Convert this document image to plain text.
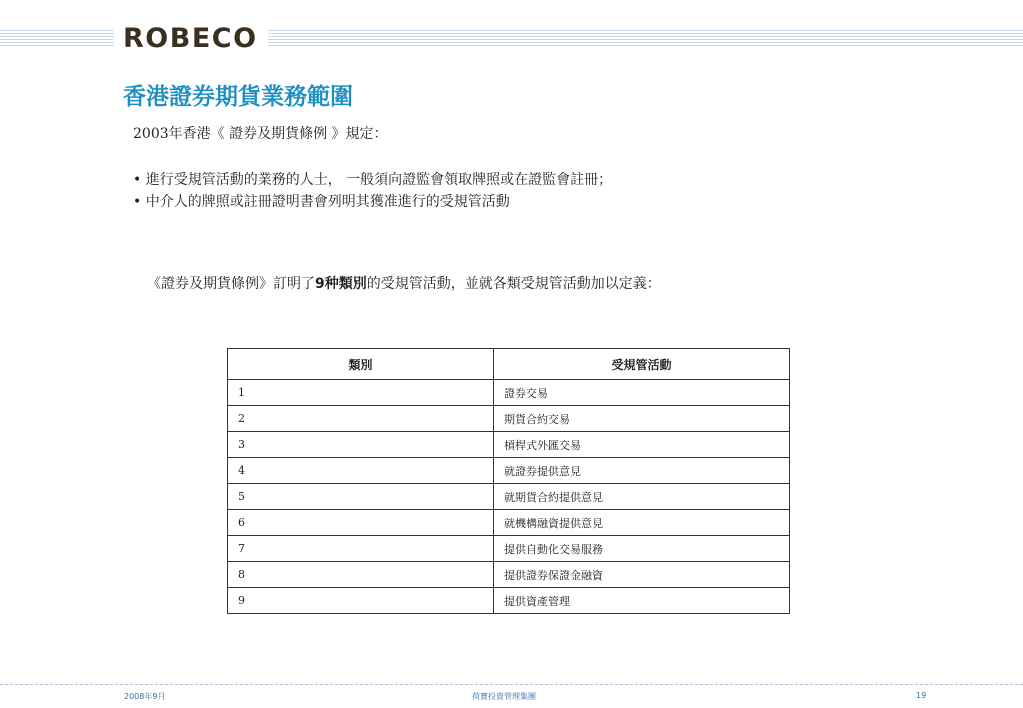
ROBECO
香港證券期貨業務範圍
2003年香港《 證券及期貨條例 》規定：
• 進行受規管活動的業務的人士， 一般須向證監會領取牌照或在證監會註冊；
• 中介人的牌照或註冊證明書會列明其獲准進行的受規管活動
《證券及期貨條例》訂明了9种類別的受規管活動，並就各類受規管活動加以定義：
類別	受規管活動
1	證券交易
2	期貨合約交易
3	槓桿式外匯交易
4	就證券提供意見
5	就期貨合約提供意見
6	就機構融資提供意見
7	提供自動化交易服務
8	提供證券保證金融資
9	提供資產管理
2008年9月	荷寶投資管理集團	19
